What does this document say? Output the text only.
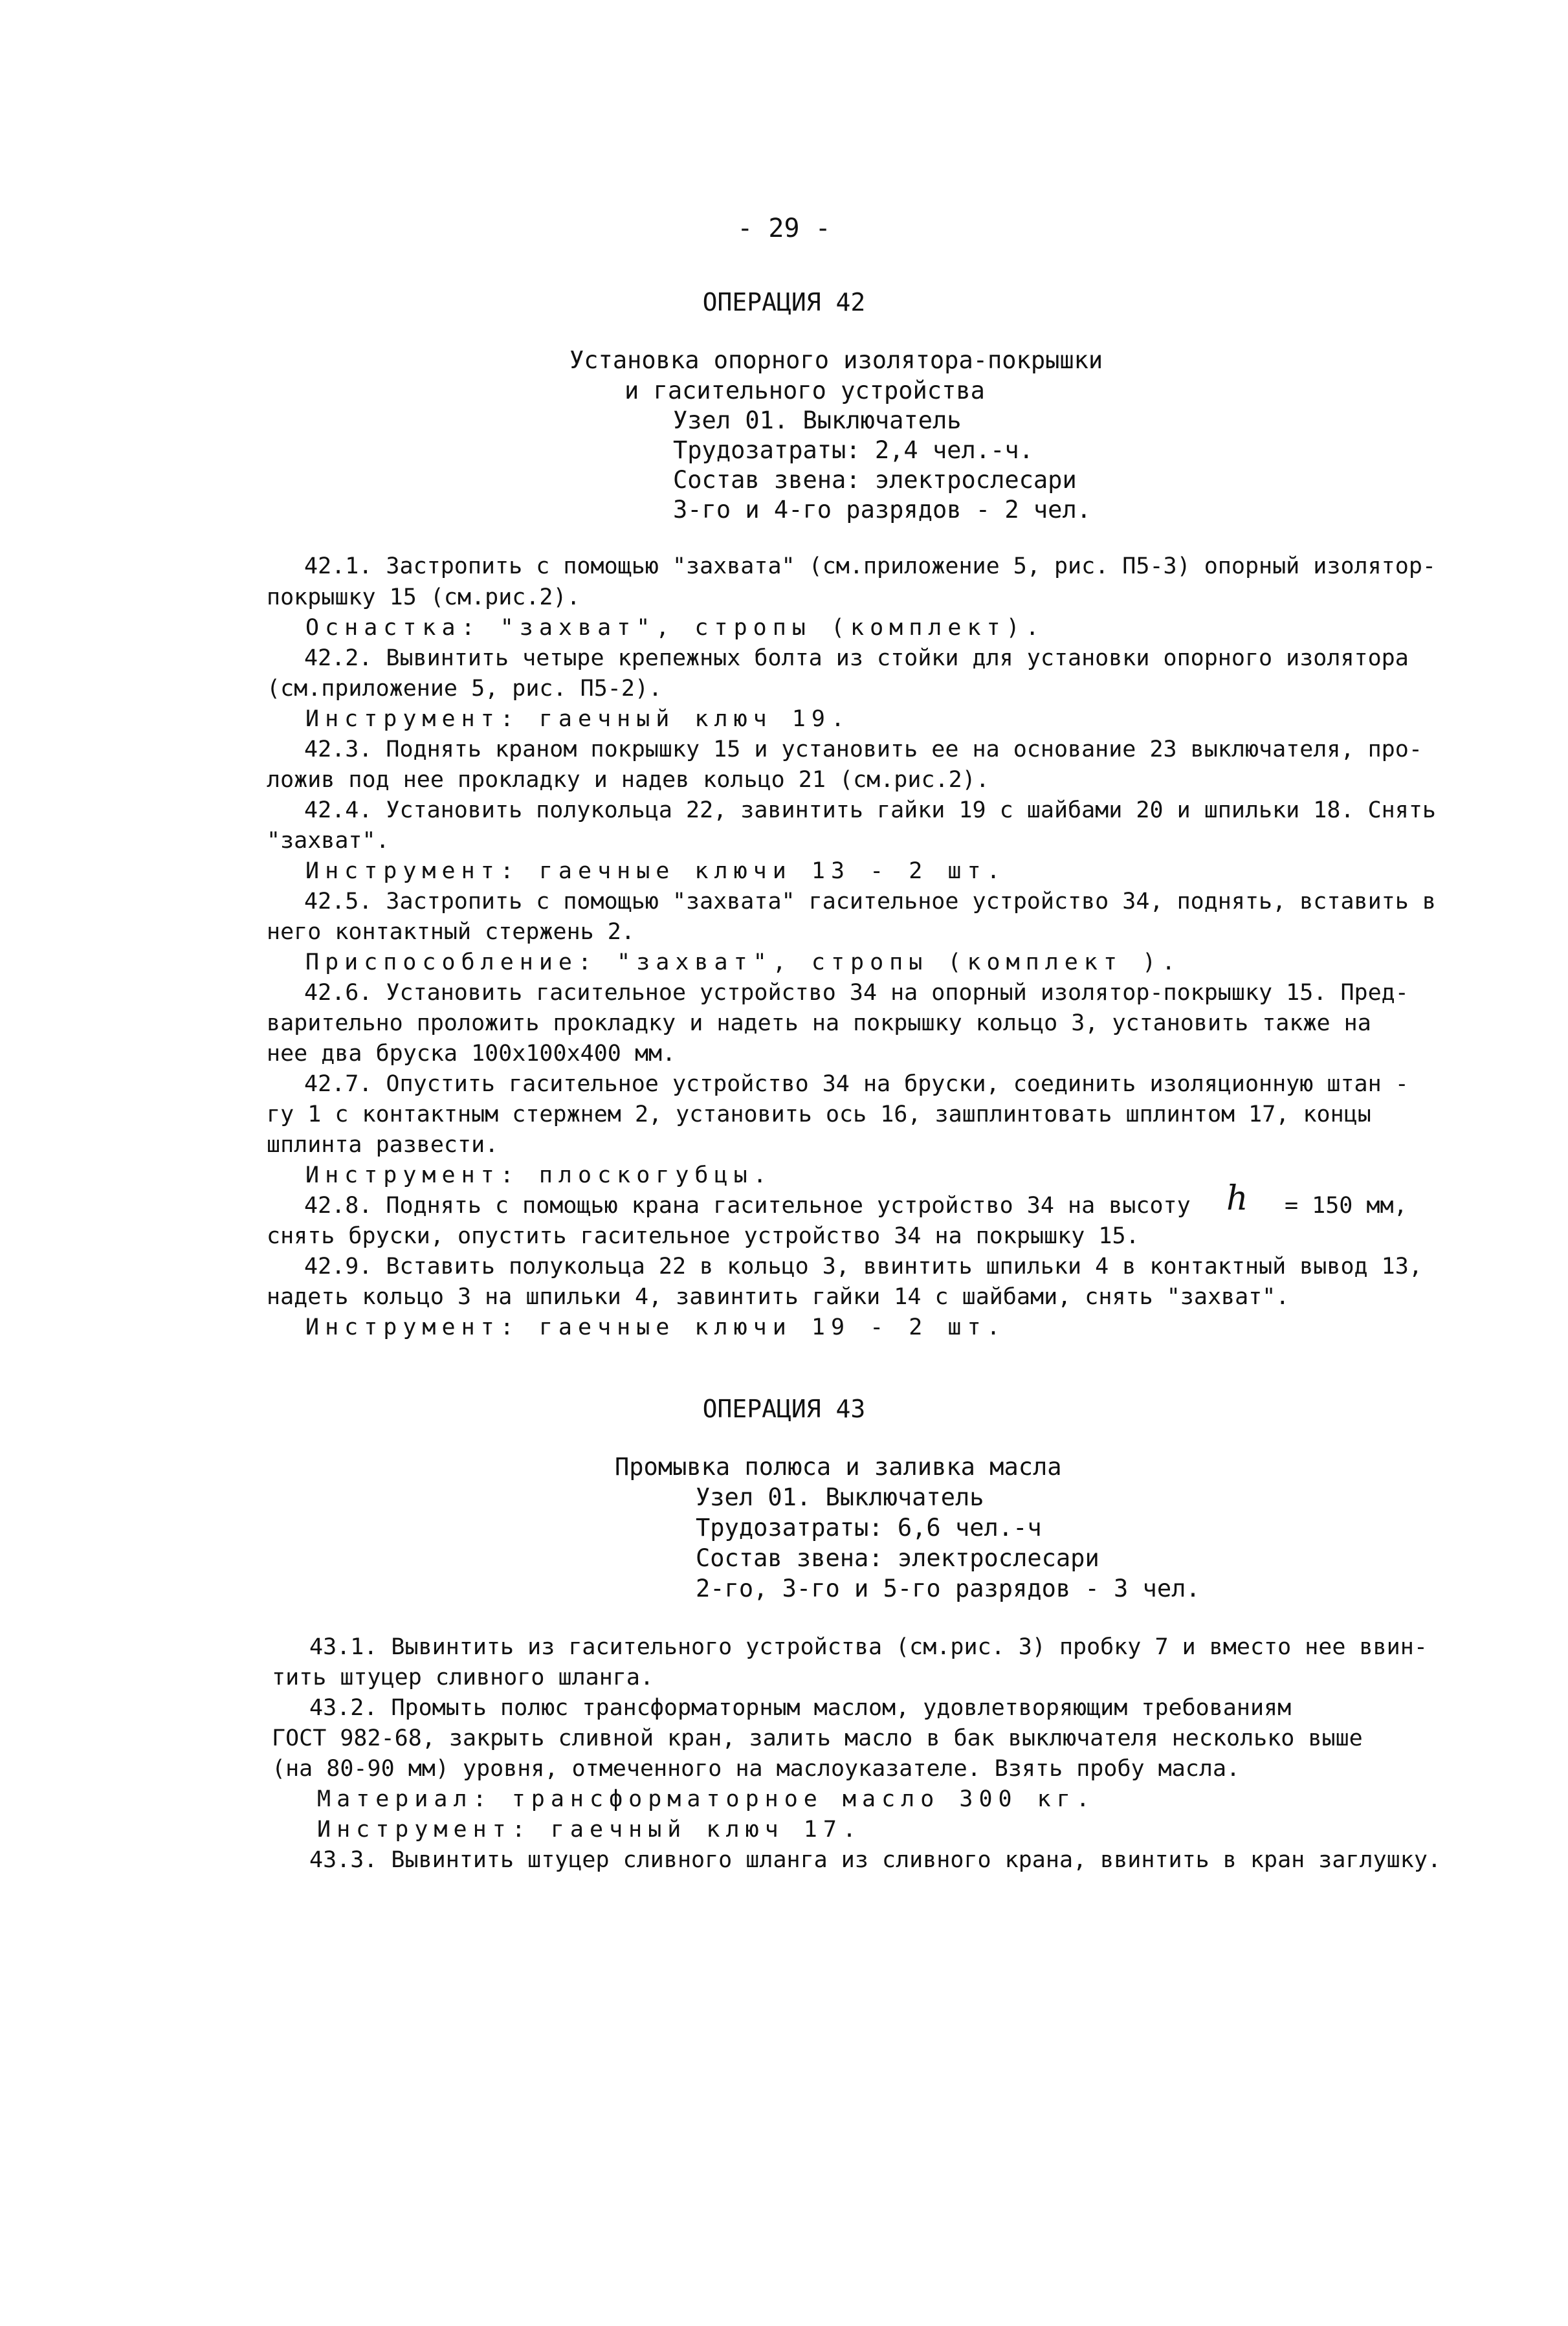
- 29 -
ОПЕРАЦИЯ 42
Установка опорного изолятора-покрышки
и гасительного устройства
Узел 01. Выключатель
Трудозатраты: 2,4 чел.-ч.
Состав звена: электрослесари
3-го и 4-го разрядов - 2 чел.
42.1. Застропить с помощью "захвата" (см.приложение 5, рис. П5-3) опорный изолятор-
покрышку 15 (см.рис.2).
Оснастка: "захват", стропы (комплект).
42.2. Вывинтить четыре крепежных болта из стойки для установки опорного изолятора
(см.приложение 5, рис. П5-2).
Инструмент: гаечный ключ 19.
42.3. Поднять краном покрышку 15 и установить ее на основание 23 выключателя, про-
ложив под нее прокладку и надев кольцо 21 (см.рис.2).
42.4. Установить полукольца 22, завинтить гайки 19 с шайбами 20 и шпильки 18. Снять
"захват".
Инструмент: гаечные ключи 13 - 2 шт.
42.5. Застропить с помощью "захвата" гасительное устройство 34, поднять, вставить в
него контактный стержень 2.
Приспособление: "захват", стропы (комплект ).
42.6. Установить гасительное устройство 34 на опорный изолятор-покрышку 15. Пред-
варительно проложить прокладку и надеть на покрышку кольцо 3, установить также на
нее два бруска 100х100х400 мм.
42.7. Опустить гасительное устройство 34 на бруски, соединить изоляционную штан -
гу 1 с контактным стержнем 2, установить ось 16, зашплинтовать шплинтом 17, концы
шплинта развести.
Инструмент: плоскогубцы.
42.8. Поднять с помощью крана гасительное устройство 34 на высоту h = 150 мм,
снять бруски, опустить гасительное устройство 34 на покрышку 15.
42.9. Вставить полукольца 22 в кольцо 3, ввинтить шпильки 4 в контактный вывод 13,
надеть кольцо 3 на шпильки 4, завинтить гайки 14 с шайбами, снять "захват".
Инструмент: гаечные ключи 19 - 2 шт.
ОПЕРАЦИЯ 43
Промывка полюса и заливка масла
Узел 01. Выключатель
Трудозатраты: 6,6 чел.-ч
Состав звена: электрослесари
2-го, 3-го и 5-го разрядов - 3 чел.
43.1. Вывинтить из гасительного устройства (см.рис. 3) пробку 7 и вместо нее ввин-
тить штуцер сливного шланга.
43.2. Промыть полюс трансформаторным маслом, удовлетворяющим требованиям
ГОСТ 982-68, закрыть сливной кран, залить масло в бак выключателя несколько выше
(на 80-90 мм) уровня, отмеченного на маслоуказателе. Взять пробу масла.
Материал: трансформаторное масло 300 кг.
Инструмент: гаечный ключ 17.
43.3. Вывинтить штуцер сливного шланга из сливного крана, ввинтить в кран заглушку.
